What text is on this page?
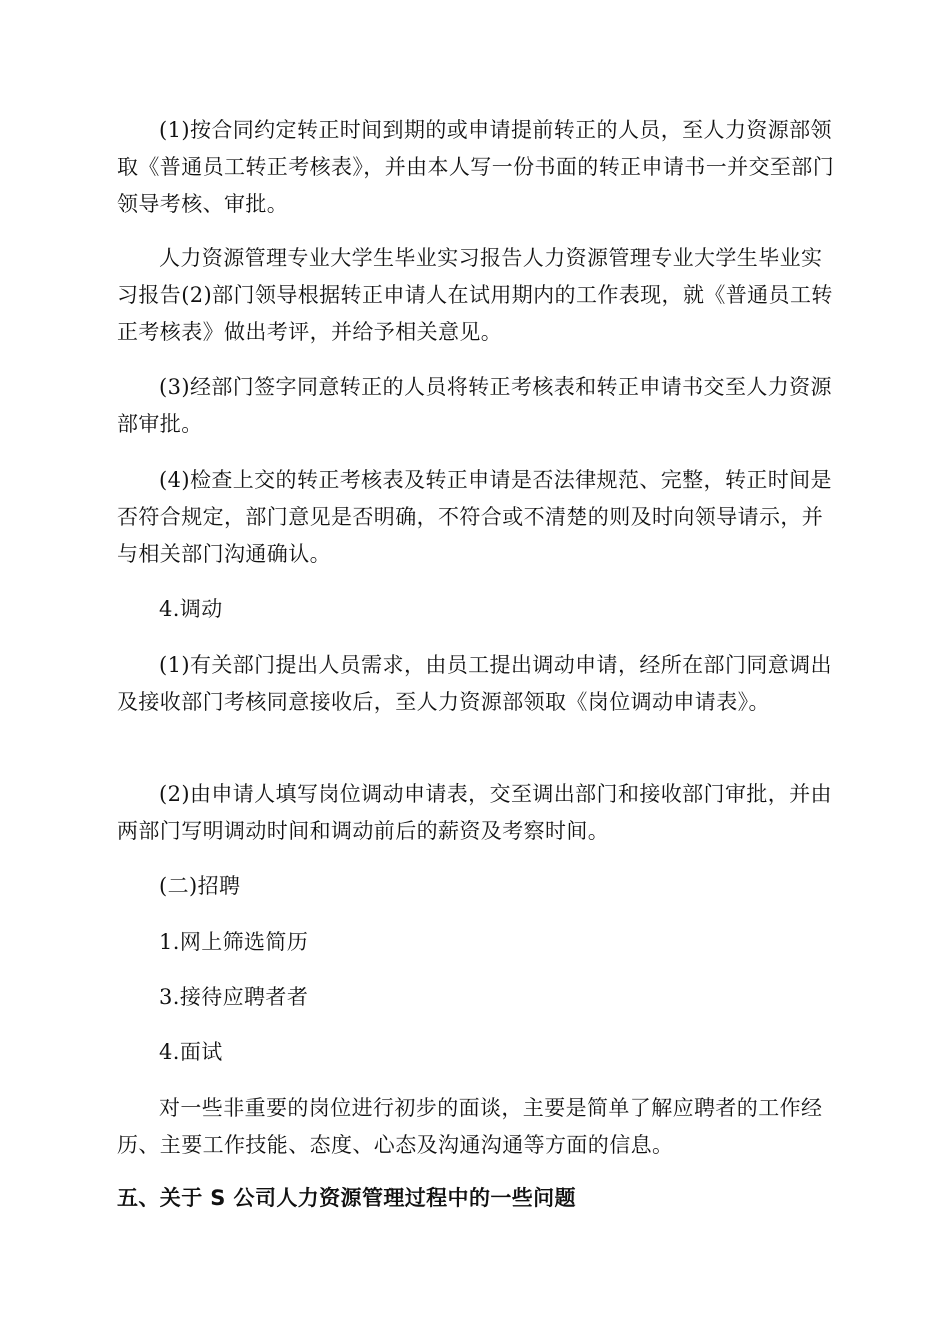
(1)按合同约定转正时间到期的或申请提前转正的人员，至人力资源部领取《普通员工转正考核表》，并由本人写一份书面的转正申请书一并交至部门领导考核、审批。

人力资源管理专业大学生毕业实习报告人力资源管理专业大学生毕业实习报告(2)部门领导根据转正申请人在试用期内的工作表现，就《普通员工转正考核表》做出考评，并给予相关意见。

(3)经部门签字同意转正的人员将转正考核表和转正申请书交至人力资源部审批。

(4)检查上交的转正考核表及转正申请是否法律规范、完整，转正时间是否符合规定，部门意见是否明确，不符合或不清楚的则及时向领导请示，并与相关部门沟通确认。

4.调动

(1)有关部门提出人员需求，由员工提出调动申请，经所在部门同意调出及接收部门考核同意接收后，至人力资源部领取《岗位调动申请表》。

(2)由申请人填写岗位调动申请表，交至调出部门和接收部门审批，并由两部门写明调动时间和调动前后的薪资及考察时间。

(二)招聘

1.网上筛选简历

3.接待应聘者者

4.面试

对一些非重要的岗位进行初步的面谈，主要是简单了解应聘者的工作经历、主要工作技能、态度、心态及沟通沟通等方面的信息。

五、关于 S 公司人力资源管理过程中的一些问题
